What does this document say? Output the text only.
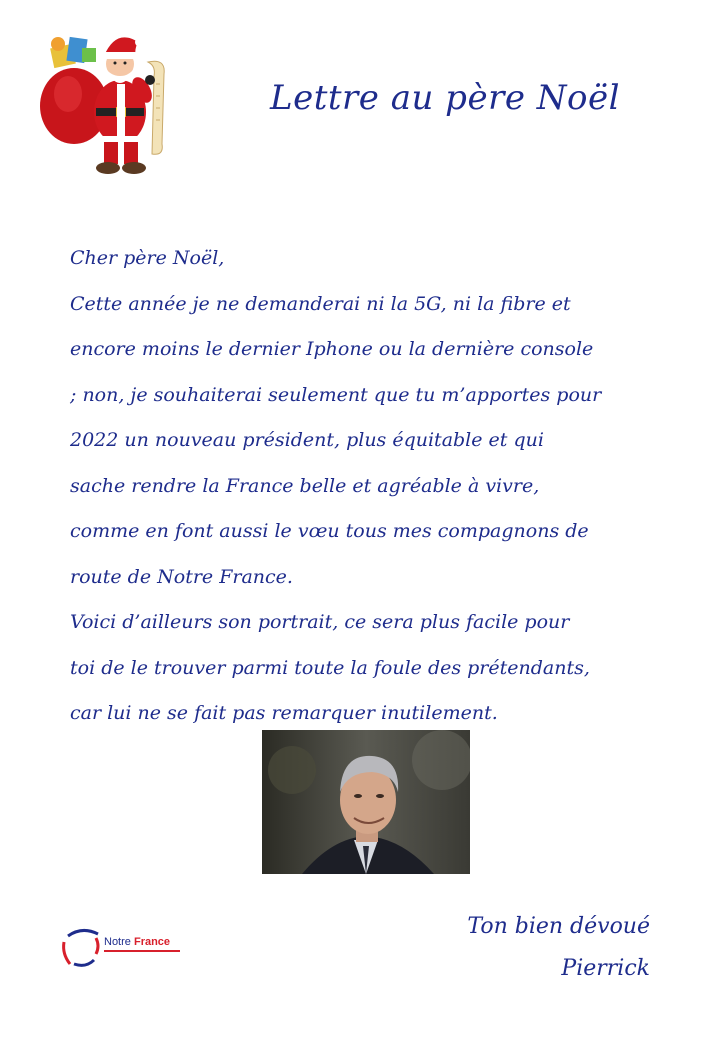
Lettre au père Noël
Cher père Noël,
Cette année je ne demanderai ni la 5G, ni la fibre et
encore moins le dernier Iphone ou la dernière console
; non, je souhaiterai seulement que tu m’apportes pour
2022 un nouveau président, plus équitable et qui
sache rendre la France belle et agréable à vivre,
comme en font aussi le vœu tous mes compagnons de
route de Notre France.
Voici d’ailleurs son portrait, ce sera plus facile pour
toi de le trouver parmi toute la foule des prétendants,
car lui ne se fait pas remarquer inutilement.
Notre France
Ton bien dévoué
Pierrick
